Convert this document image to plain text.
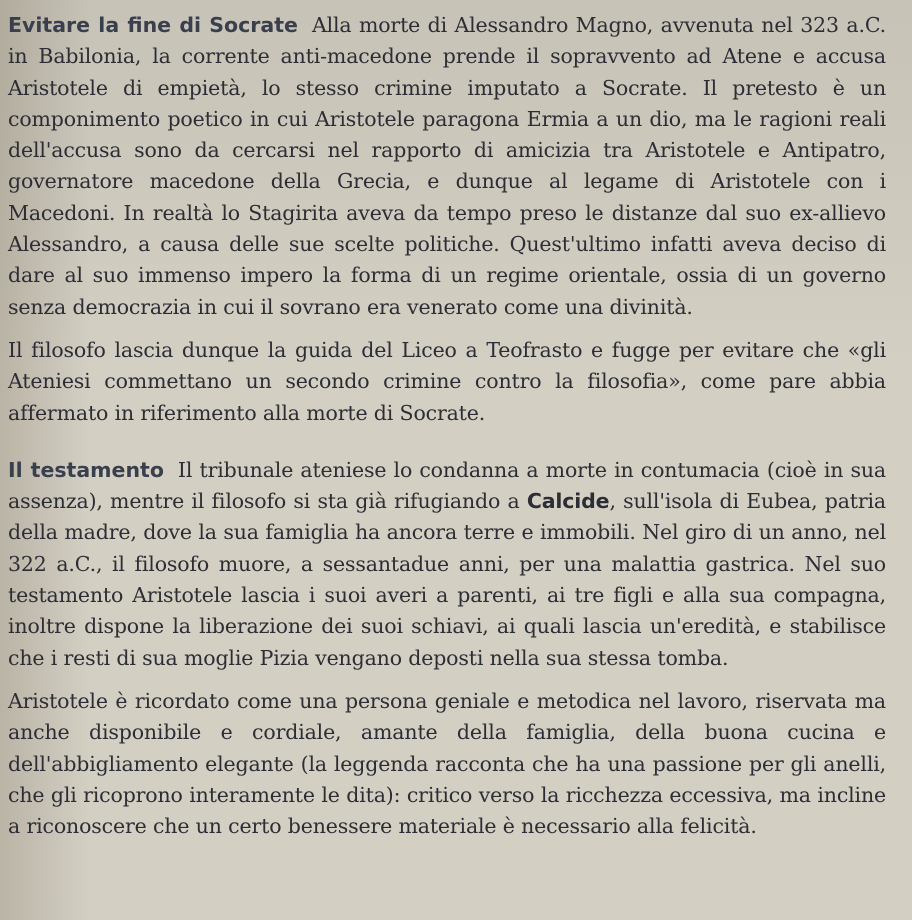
Evitare la fine di Socrate Alla morte di Alessandro Magno, avvenuta nel 323 a.C. in Babilonia, la corrente anti-macedone prende il sopravvento ad Atene e accusa Aristotele di empietà, lo stesso crimine imputato a Socrate. Il pretesto è un componimento poetico in cui Aristotele paragona Ermia a un dio, ma le ragioni reali dell'accusa sono da cercarsi nel rapporto di amicizia tra Aristotele e Antipatro, governatore macedone della Grecia, e dunque al legame di Aristotele con i Macedoni. In realtà lo Stagirita aveva da tempo preso le distanze dal suo ex-allievo Alessandro, a causa delle sue scelte politiche. Quest'ultimo infatti aveva deciso di dare al suo immenso impero la forma di un regime orientale, ossia di un governo senza democrazia in cui il sovrano era venerato come una divinità.

Il filosofo lascia dunque la guida del Liceo a Teofrasto e fugge per evitare che «gli Ateniesi commettano un secondo crimine contro la filosofia», come pare abbia affermato in riferimento alla morte di Socrate.

Il testamento Il tribunale ateniese lo condanna a morte in contumacia (cioè in sua assenza), mentre il filosofo si sta già rifugiando a Calcide, sull'isola di Eubea, patria della madre, dove la sua famiglia ha ancora terre e immobili. Nel giro di un anno, nel 322 a.C., il filosofo muore, a sessantadue anni, per una malattia gastrica. Nel suo testamento Aristotele lascia i suoi averi a parenti, ai tre figli e alla sua compagna, inoltre dispone la liberazione dei suoi schiavi, ai quali lascia un'eredità, e stabilisce che i resti di sua moglie Pizia vengano deposti nella sua stessa tomba.

Aristotele è ricordato come una persona geniale e metodica nel lavoro, riservata ma anche disponibile e cordiale, amante della famiglia, della buona cucina e dell'abbigliamento elegante (la leggenda racconta che ha una passione per gli anelli, che gli ricoprono interamente le dita): critico verso la ricchezza eccessiva, ma incline a riconoscere che un certo benessere materiale è necessario alla felicità.
